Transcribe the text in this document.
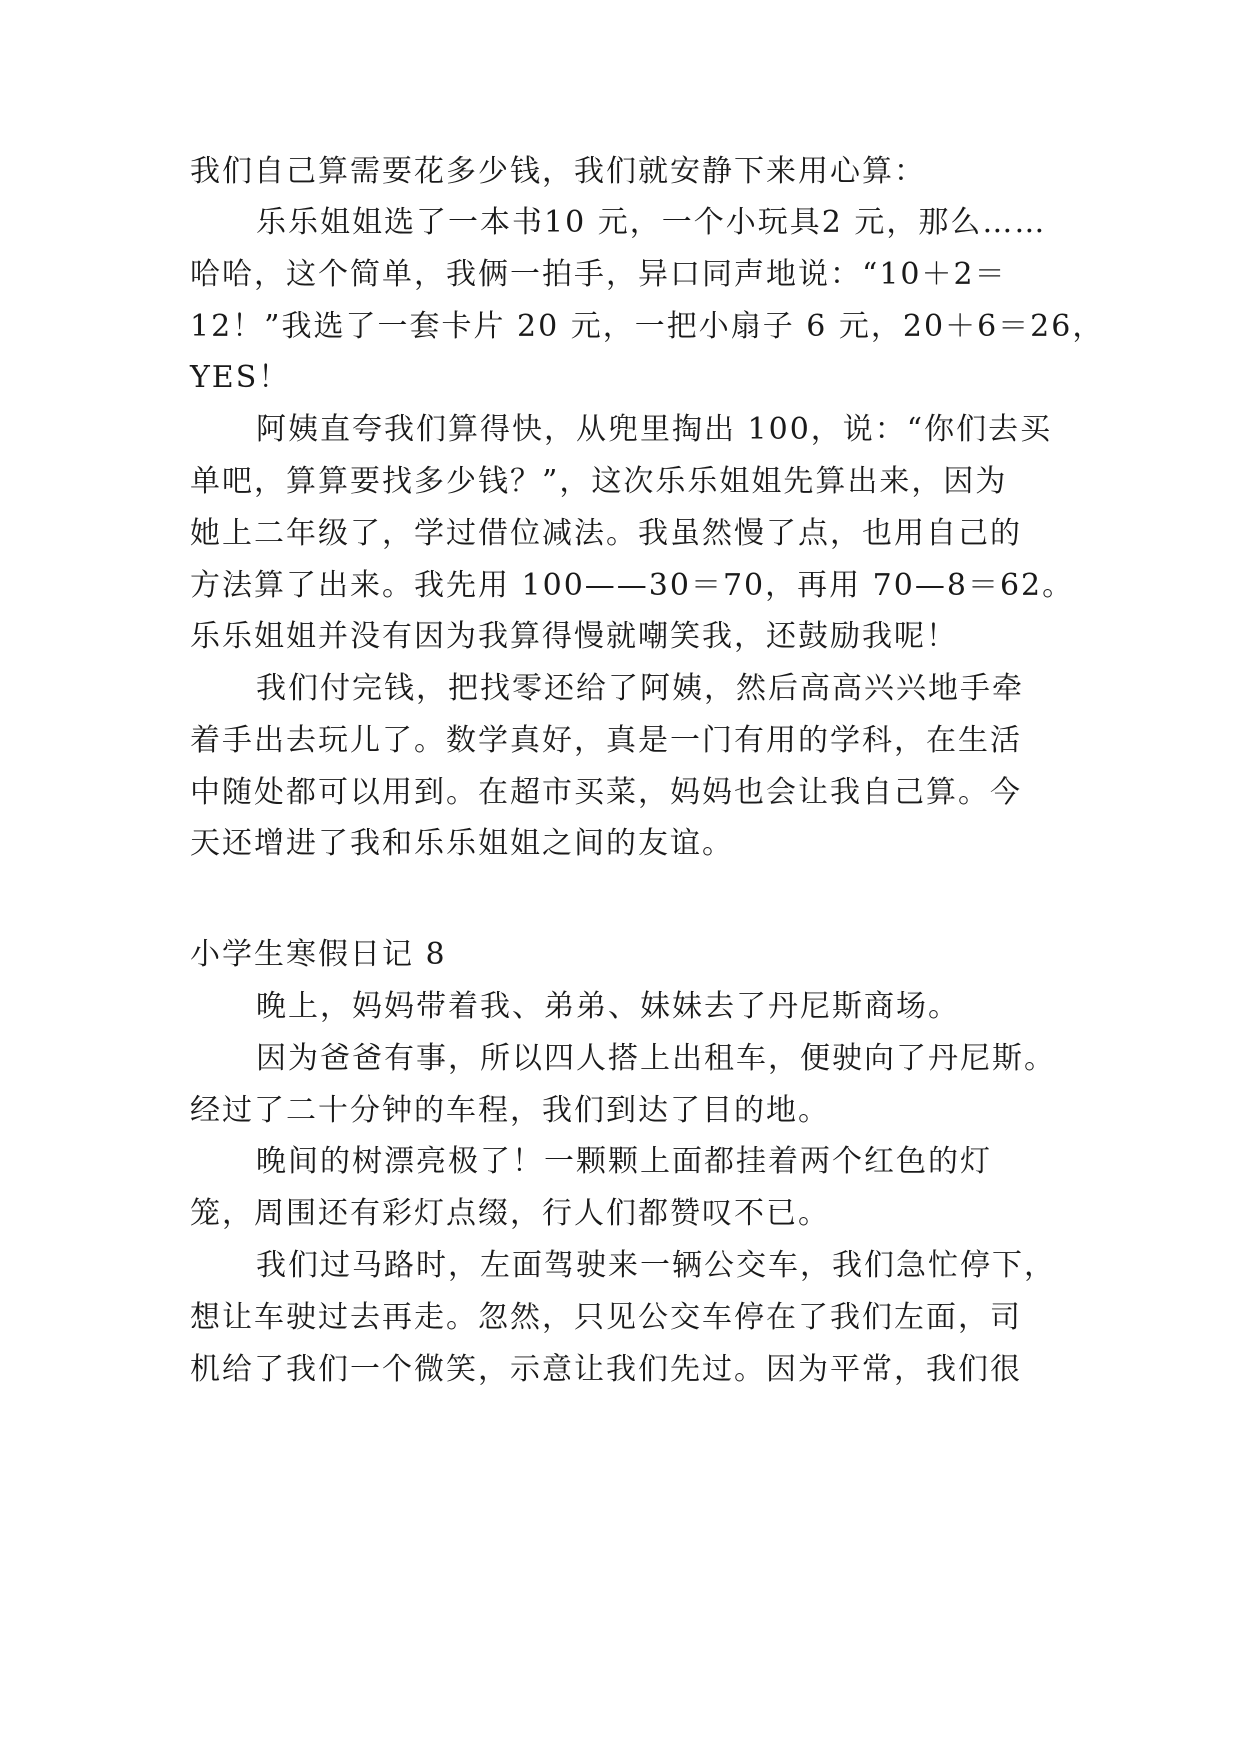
我们自己算需要花多少钱，我们就安静下来用心算：
乐乐姐姐选了一本书10 元，一个小玩具2 元，那么……
哈哈，这个简单，我俩一拍手，异口同声地说：“10＋2＝
12！”我选了一套卡片 20 元，一把小扇子 6 元，20＋6＝26，
YES！
阿姨直夸我们算得快，从兜里掏出 100，说：“你们去买
单吧，算算要找多少钱？”，这次乐乐姐姐先算出来，因为
她上二年级了，学过借位减法。我虽然慢了点，也用自己的
方法算了出来。我先用 100——30＝70，再用 70—8＝62。
乐乐姐姐并没有因为我算得慢就嘲笑我，还鼓励我呢！
我们付完钱，把找零还给了阿姨，然后高高兴兴地手牵
着手出去玩儿了。数学真好，真是一门有用的学科，在生活
中随处都可以用到。在超市买菜，妈妈也会让我自己算。今
天还增进了我和乐乐姐姐之间的友谊。
小学生寒假日记 8
晚上，妈妈带着我、弟弟、妹妹去了丹尼斯商场。
因为爸爸有事，所以四人搭上出租车，便驶向了丹尼斯。
经过了二十分钟的车程，我们到达了目的地。
晚间的树漂亮极了！一颗颗上面都挂着两个红色的灯
笼，周围还有彩灯点缀，行人们都赞叹不已。
我们过马路时，左面驾驶来一辆公交车，我们急忙停下，
想让车驶过去再走。忽然，只见公交车停在了我们左面，司
机给了我们一个微笑，示意让我们先过。因为平常，我们很
